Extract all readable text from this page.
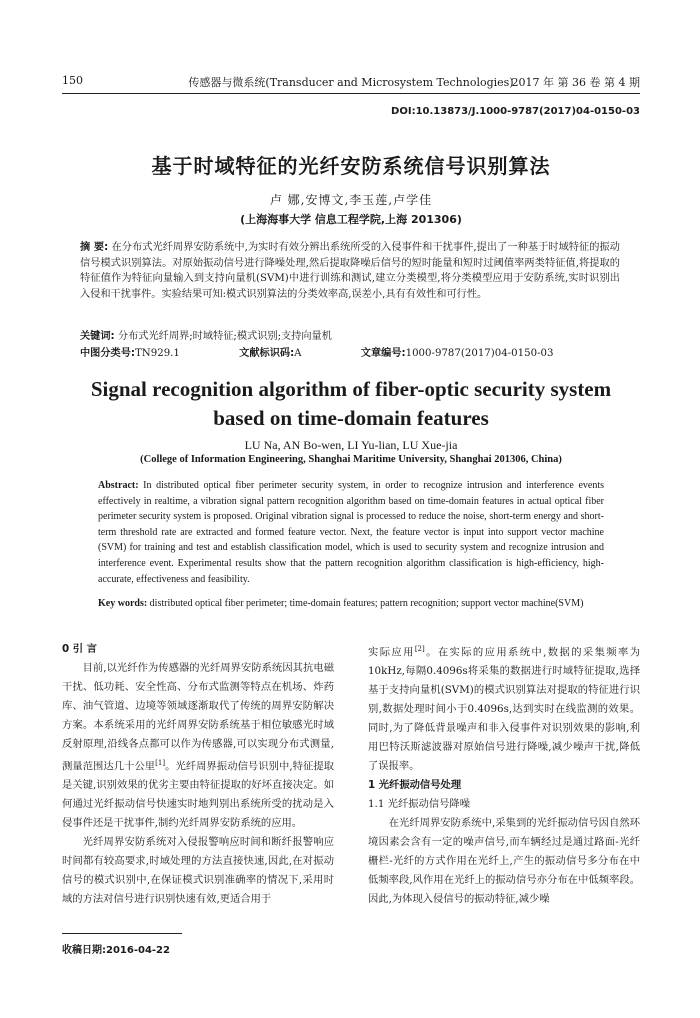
150	传感器与微系统(Transducer and Microsystem Technologies)
2017 年 第 36 卷 第 4 期
DOI:10.13873/J.1000-9787(2017)04-0150-03
基于时域特征的光纤安防系统信号识别算法
卢 娜,安博文,李玉莲,卢学佳
(上海海事大学 信息工程学院,上海 201306)
摘 要: 在分布式光纤周界安防系统中,为实时有效分辨出系统所受的入侵事件和干扰事件,提出了一种基于时域特征的振动信号模式识别算法。对原始振动信号进行降噪处理,然后提取降噪后信号的短时能量和短时过阈值率两类特征值,将提取的特征值作为特征向量输入到支持向量机(SVM)中进行训练和测试,建立分类模型,将分类模型应用于安防系统,实时识别出入侵和干扰事件。实验结果可知:模式识别算法的分类效率高,误差小,具有有效性和可行性。
关键词: 分布式光纤周界;时域特征;模式识别;支持向量机
中图分类号:TN929.1	文献标识码:A	文章编号:1000-9787(2017)04-0150-03
Signal recognition algorithm of fiber-optic security system
based on time-domain features
LU Na, AN Bo-wen, LI Yu-lian, LU Xue-jia
(College of Information Engineering, Shanghai Maritime University, Shanghai 201306, China)
Abstract: In distributed optical fiber perimeter security system, in order to recognize intrusion and interference events effectively in realtime, a vibration signal pattern recognition algorithm based on time-domain features in actual optical fiber perimeter security system is proposed. Original vibration signal is processed to reduce the noise, short-term energy and short-term threshold rate are extracted and formed feature vector. Next, the feature vector is input into support vector machine (SVM) for training and test and establish classification model, which is used to security system and recognize intrusion and interference event. Experimental results show that the pattern recognition algorithm classification is high-efficiency, high-accurate, effectiveness and feasibility.
Key words: distributed optical fiber perimeter; time-domain features; pattern recognition; support vector machine(SVM)
0 引 言

目前,以光纤作为传感器的光纤周界安防系统因其抗电磁干扰、低功耗、安全性高、分布式监测等特点在机场、炸药库、油气管道、边境等领域逐渐取代了传统的周界安防解决方案。本系统采用的光纤周界安防系统基于相位敏感光时域反射原理,沿线各点都可以作为传感器,可以实现分布式测量,测量范围达几十公里[1]。光纤周界振动信号识别中,特征提取是关键,识别效果的优劣主要由特征提取的好坏直接决定。如何通过光纤振动信号快速实时地判别出系统所受的扰动是入侵事件还是干扰事件,制约光纤周界安防系统的应用。

光纤周界安防系统对入侵报警响应时间和断纤报警响应时间都有较高要求,时域处理的方法直接快速,因此,在对振动信号的模式识别中,在保证模式识别准确率的情况下,采用时域的方法对信号进行识别快速有效,更适合用于

实际应用[2]。在实际的应用系统中,数据的采集频率为10kHz,每隔0.4096s将采集的数据进行时域特征提取,选择基于支持向量机(SVM)的模式识别算法对提取的特征进行识别,数据处理时间小于0.4096s,达到实时在线监测的效果。同时,为了降低背景噪声和非入侵事件对识别效果的影响,利用巴特沃斯滤波器对原始信号进行降噪,减少噪声干扰,降低了误报率。

1 光纤振动信号处理
1.1 光纤振动信号降噪

在光纤周界安防系统中,采集到的光纤振动信号因自然环境因素会含有一定的噪声信号,而车辆经过是通过路面-光纤栅栏-光纤的方式作用在光纤上,产生的振动信号多分布在中低频率段,风作用在光纤上的振动信号亦分布在中低频率段。因此,为体现入侵信号的振动特征,减少噪

收稿日期:2016-04-22
